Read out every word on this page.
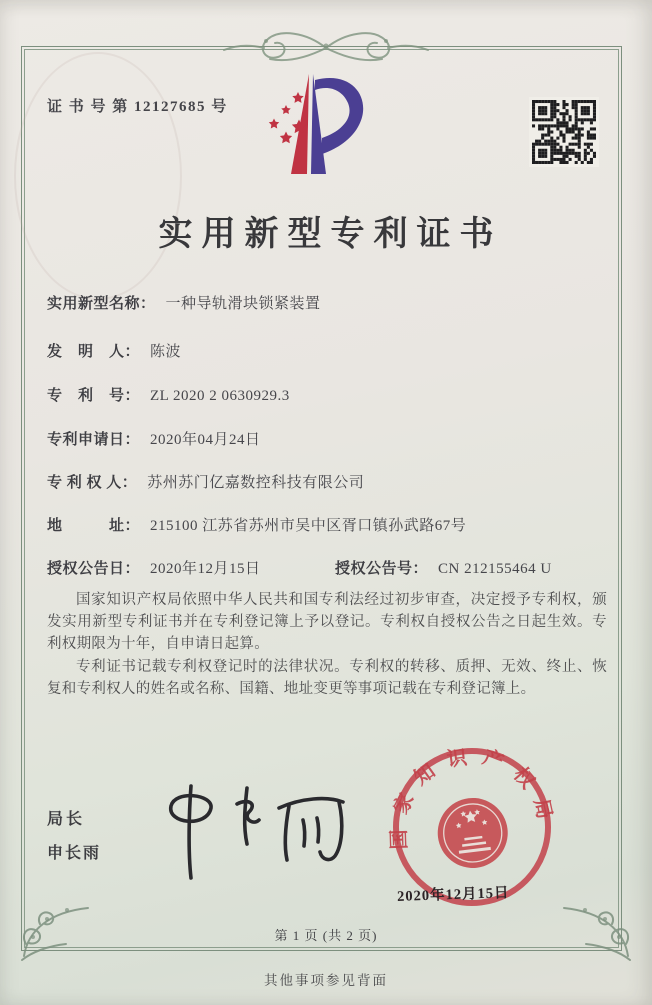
证 书 号 第 12127685 号
实用新型专利证书
实用新型名称： 一种导轨滑块锁紧装置
发　明　人： 陈波
专　利　号： ZL 2020 2 0630929.3
专利申请日： 2020年04月24日
专 利 权 人： 苏州苏门亿嘉数控科技有限公司
地　　　址： 215100 江苏省苏州市吴中区胥口镇孙武路67号
授权公告日： 2020年12月15日	授权公告号： CN 212155464 U

国家知识产权局依照中华人民共和国专利法经过初步审查，决定授予专利权，颁发实用新型专利证书并在专利登记簿上予以登记。专利权自授权公告之日起生效。专利权期限为十年，自申请日起算。

专利证书记载专利权登记时的法律状况。专利权的转移、质押、无效、终止、恢复和专利权人的姓名或名称、国籍、地址变更等事项记载在专利登记簿上。

局长
申长雨
国家知识产权局
2020年12月15日
第 1 页 (共 2 页)
其他事项参见背面
